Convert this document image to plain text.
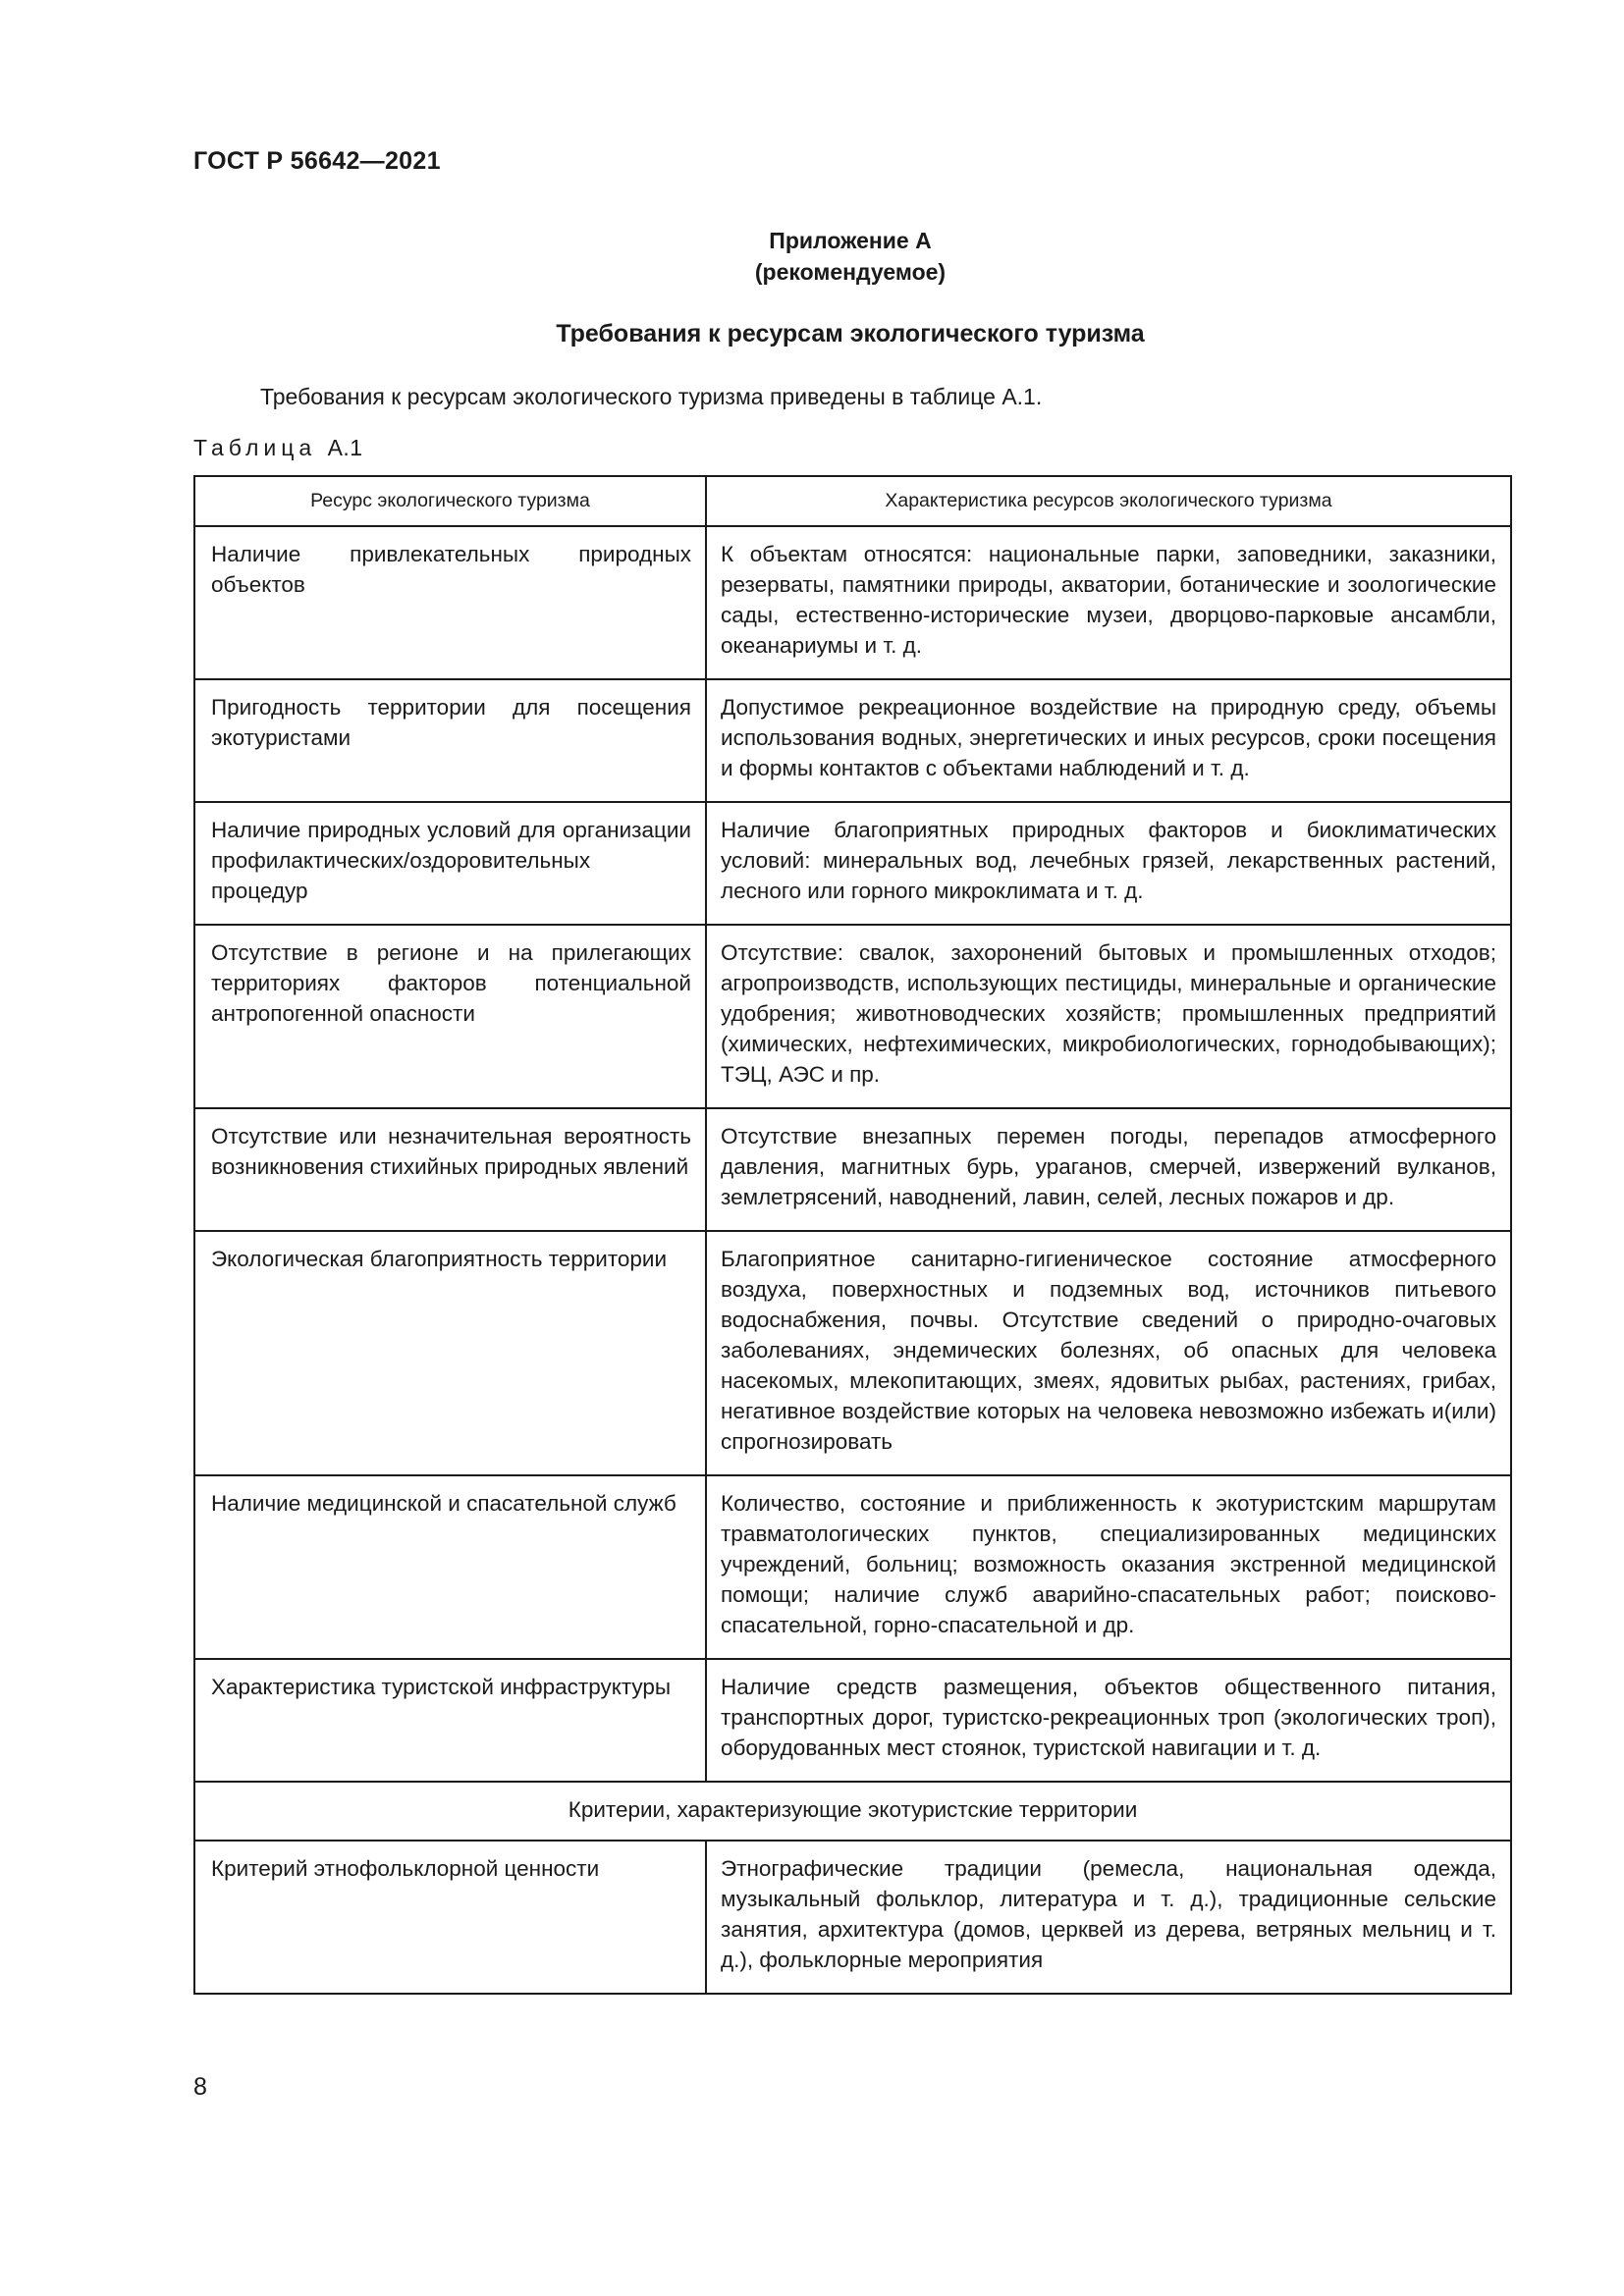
ГОСТ Р 56642—2021
Приложение А
(рекомендуемое)
Требования к ресурсам экологического туризма
Требования к ресурсам экологического туризма приведены в таблице А.1.
Таблица А.1
Ресурс экологического туризма	Характеристика ресурсов экологического туризма
Наличие привлекательных природных объектов	К объектам относятся: национальные парки, заповедники, заказники, резерваты, памятники природы, акватории, ботанические и зоологические сады, естественно-исторические музеи, дворцово-парковые ансамбли, океанариумы и т. д.
Пригодность территории для посещения экотуристами	Допустимое рекреационное воздействие на природную среду, объемы использования водных, энергетических и иных ресурсов, сроки посещения и формы контактов с объектами наблюдений и т. д.
Наличие природных условий для организации профилактических/оздоровительных процедур	Наличие благоприятных природных факторов и биоклиматических условий: минеральных вод, лечебных грязей, лекарственных растений, лесного или горного микроклимата и т. д.
Отсутствие в регионе и на прилегающих территориях факторов потенциальной антропогенной опасности	Отсутствие: свалок, захоронений бытовых и промышленных отходов; агропроизводств, использующих пестициды, минеральные и органические удобрения; животноводческих хозяйств; промышленных предприятий (химических, нефтехимических, микробиологических, горнодобывающих); ТЭЦ, АЭС и пр.
Отсутствие или незначительная вероятность возникновения стихийных природных явлений	Отсутствие внезапных перемен погоды, перепадов атмосферного давления, магнитных бурь, ураганов, смерчей, извержений вулканов, землетрясений, наводнений, лавин, селей, лесных пожаров и др.
Экологическая благоприятность территории	Благоприятное санитарно-гигиеническое состояние атмосферного воздуха, поверхностных и подземных вод, источников питьевого водоснабжения, почвы. Отсутствие сведений о природно-очаговых заболеваниях, эндемических болезнях, об опасных для человека насекомых, млекопитающих, змеях, ядовитых рыбах, растениях, грибах, негативное воздействие которых на человека невозможно избежать и(или) спрогнозировать
Наличие медицинской и спасательной служб	Количество, состояние и приближенность к экотуристским маршрутам травматологических пунктов, специализированных медицинских учреждений, больниц; возможность оказания экстренной медицинской помощи; наличие служб аварийно-спасательных работ; поисково-спасательной, горно-спасательной и др.
Характеристика туристской инфраструктуры	Наличие средств размещения, объектов общественного питания, транспортных дорог, туристско-рекреационных троп (экологических троп), оборудованных мест стоянок, туристской навигации и т. д.
Критерии, характеризующие экотуристские территории	
Критерий этнофольклорной ценности	Этнографические традиции (ремесла, национальная одежда, музыкальный фольклор, литература и т. д.), традиционные сельские занятия, архитектура (домов, церквей из дерева, ветряных мельниц и т. д.), фольклорные мероприятия
8
